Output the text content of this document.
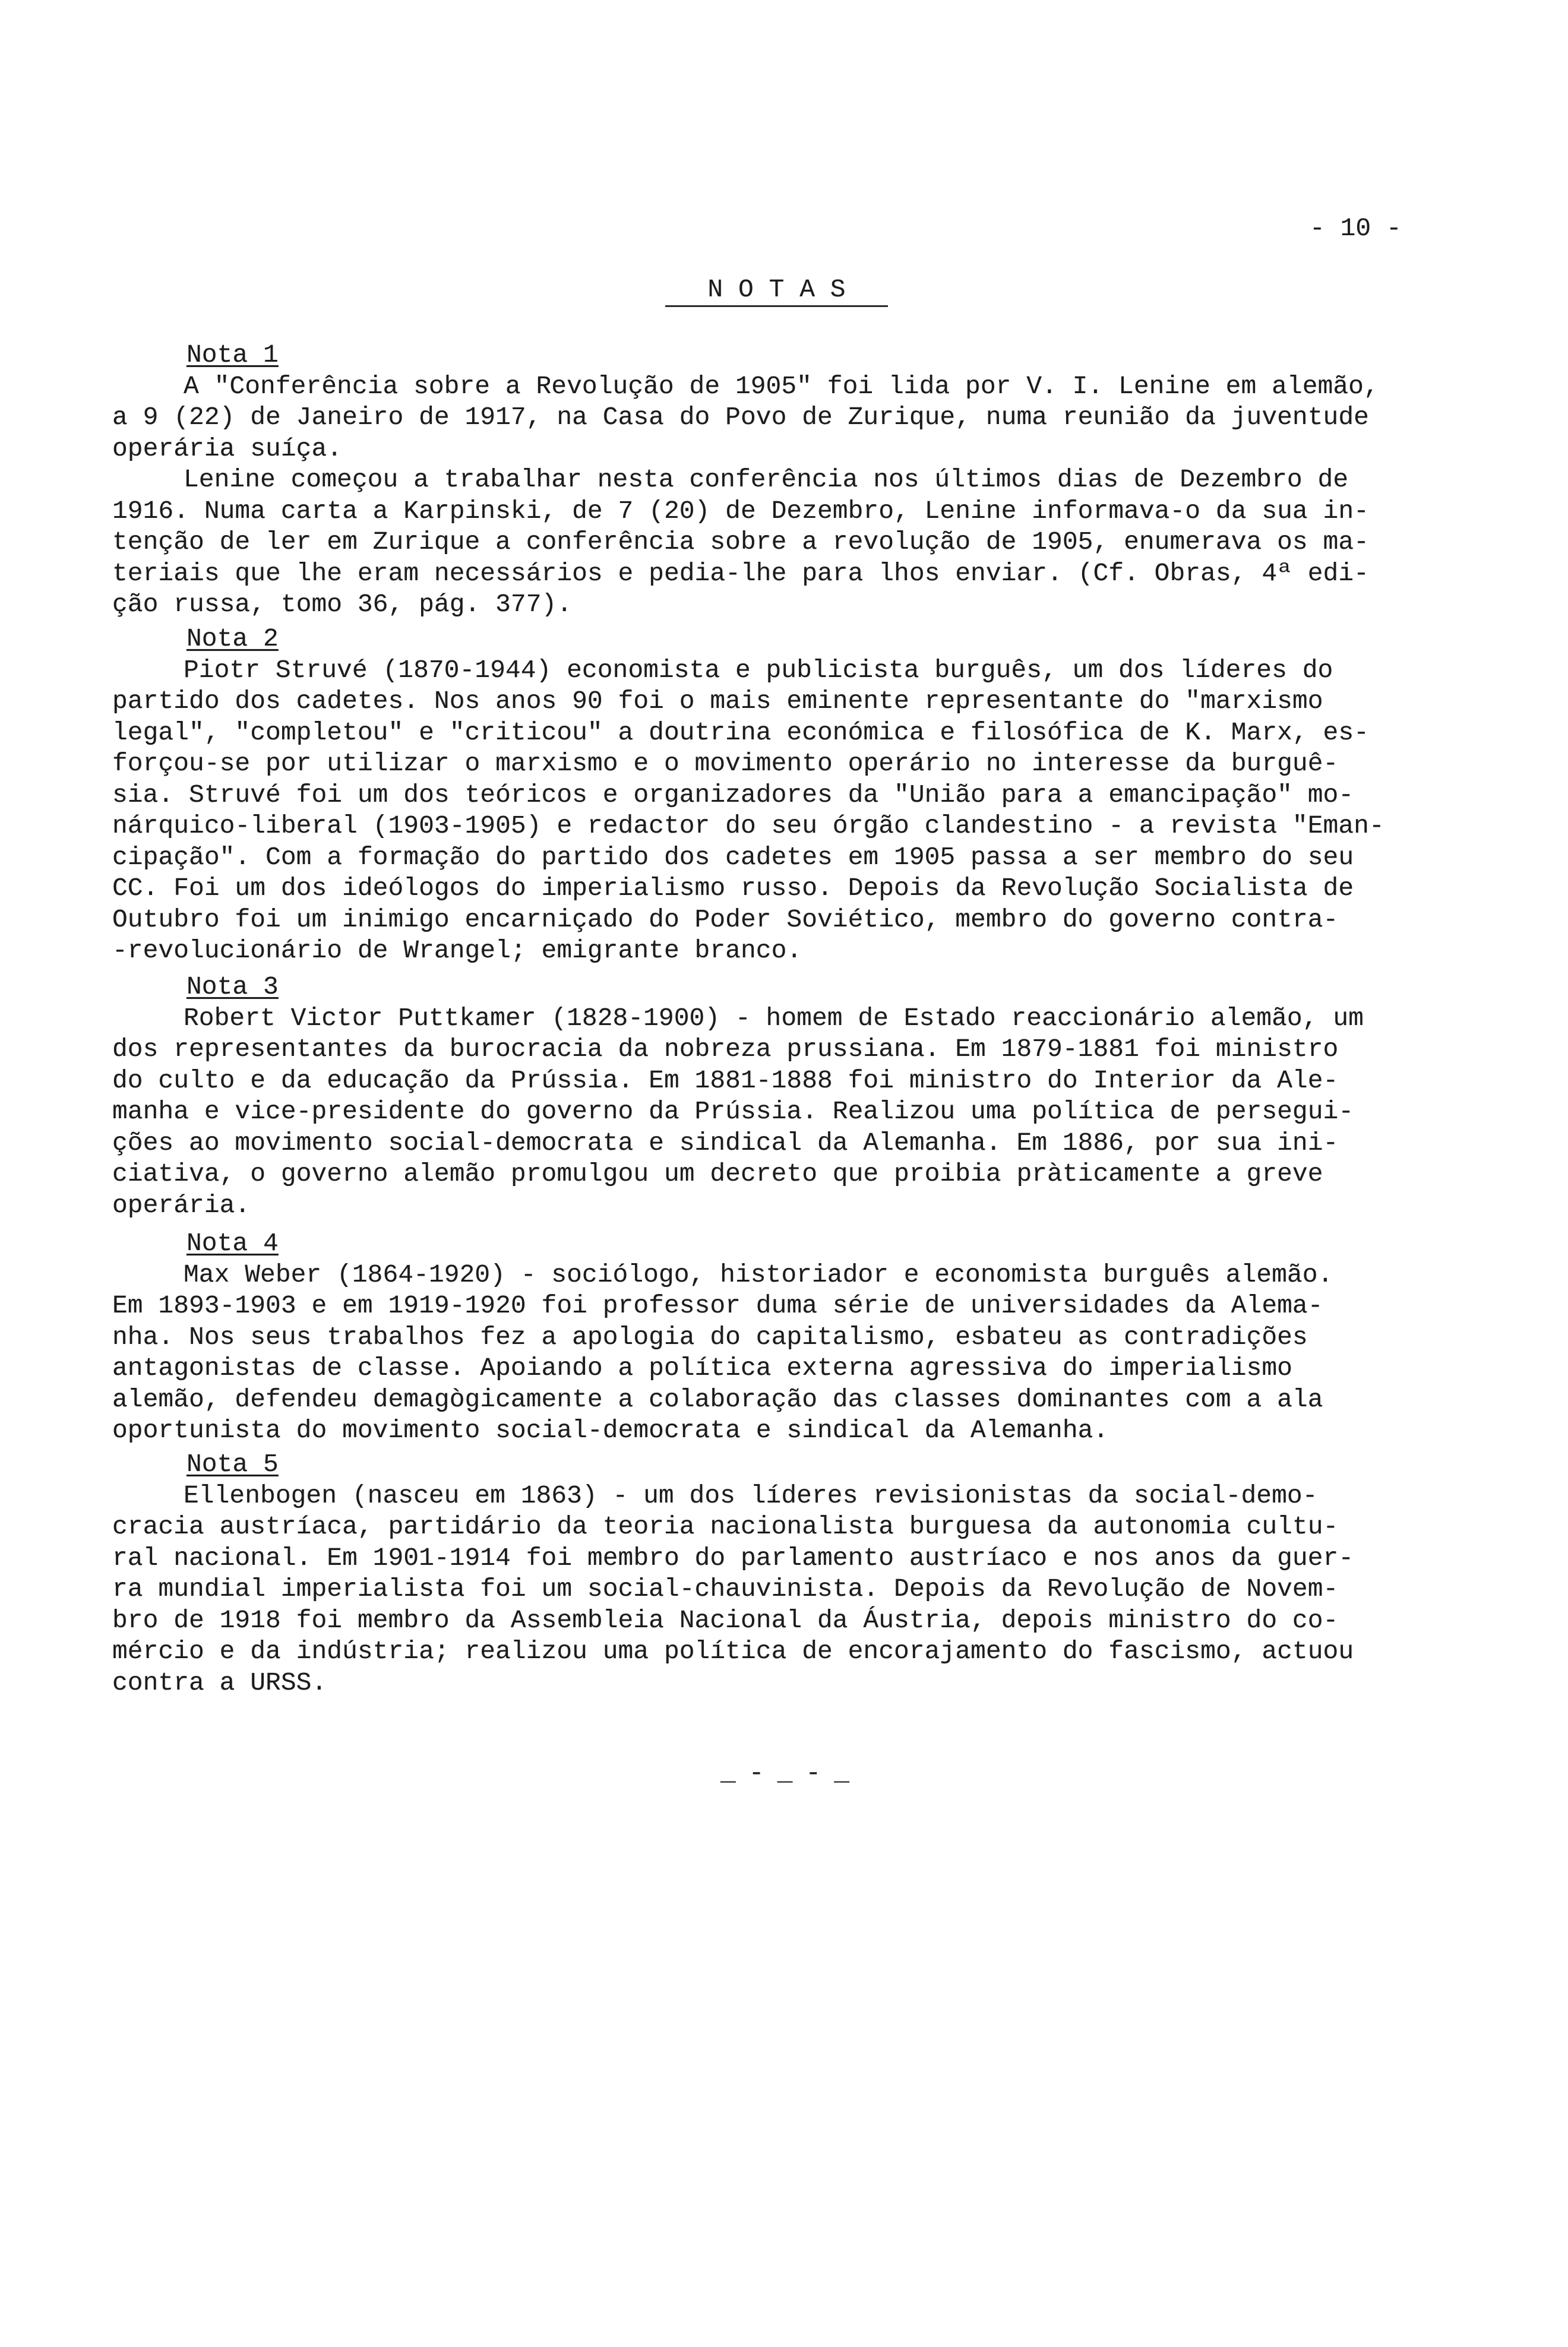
- 10 -
N O T A S
Nota 1
A "Conferência sobre a Revolução de 1905" foi lida por V. I. Lenine em alemão,
a 9 (22) de Janeiro de 1917, na Casa do Povo de Zurique, numa reunião da juventude
operária suíça.
Lenine começou a trabalhar nesta conferência nos últimos dias de Dezembro de
1916. Numa carta a Karpinski, de 7 (20) de Dezembro, Lenine informava-o da sua in-
tenção de ler em Zurique a conferência sobre a revolução de 1905, enumerava os ma-
teriais que lhe eram necessários e pedia-lhe para lhos enviar. (Cf. Obras, 4ª edi-
ção russa, tomo 36, pág. 377).
Nota 2
Piotr Struvé (1870-1944) economista e publicista burguês, um dos líderes do
partido dos cadetes. Nos anos 90 foi o mais eminente representante do "marxismo
legal", "completou" e "criticou" a doutrina económica e filosófica de K. Marx, es-
forçou-se por utilizar o marxismo e o movimento operário no interesse da burguê-
sia. Struvé foi um dos teóricos e organizadores da "União para a emancipação" mo-
nárquico-liberal (1903-1905) e redactor do seu órgão clandestino - a revista "Eman-
cipação". Com a formação do partido dos cadetes em 1905 passa a ser membro do seu
CC. Foi um dos ideólogos do imperialismo russo. Depois da Revolução Socialista de
Outubro foi um inimigo encarniçado do Poder Soviético, membro do governo contra-
-revolucionário de Wrangel; emigrante branco.
Nota 3
Robert Victor Puttkamer (1828-1900) - homem de Estado reaccionário alemão, um
dos representantes da burocracia da nobreza prussiana. Em 1879-1881 foi ministro
do culto e da educação da Prússia. Em 1881-1888 foi ministro do Interior da Ale-
manha e vice-presidente do governo da Prússia. Realizou uma política de persegui-
ções ao movimento social-democrata e sindical da Alemanha. Em 1886, por sua ini-
ciativa, o governo alemão promulgou um decreto que proibia pràticamente a greve
operária.
Nota 4
Max Weber (1864-1920) - sociólogo, historiador e economista burguês alemão.
Em 1893-1903 e em 1919-1920 foi professor duma série de universidades da Alema-
nha. Nos seus trabalhos fez a apologia do capitalismo, esbateu as contradições
antagonistas de classe. Apoiando a política externa agressiva do imperialismo
alemão, defendeu demagògicamente a colaboração das classes dominantes com a ala
oportunista do movimento social-democrata e sindical da Alemanha.
Nota 5
Ellenbogen (nasceu em 1863) - um dos líderes revisionistas da social-demo-
cracia austríaca, partidário da teoria nacionalista burguesa da autonomia cultu-
ral nacional. Em 1901-1914 foi membro do parlamento austríaco e nos anos da guer-
ra mundial imperialista foi um social-chauvinista. Depois da Revolução de Novem-
bro de 1918 foi membro da Assembleia Nacional da Áustria, depois ministro do co-
mércio e da indústria; realizou uma política de encorajamento do fascismo, actuou
contra a URSS.
_-_-_
